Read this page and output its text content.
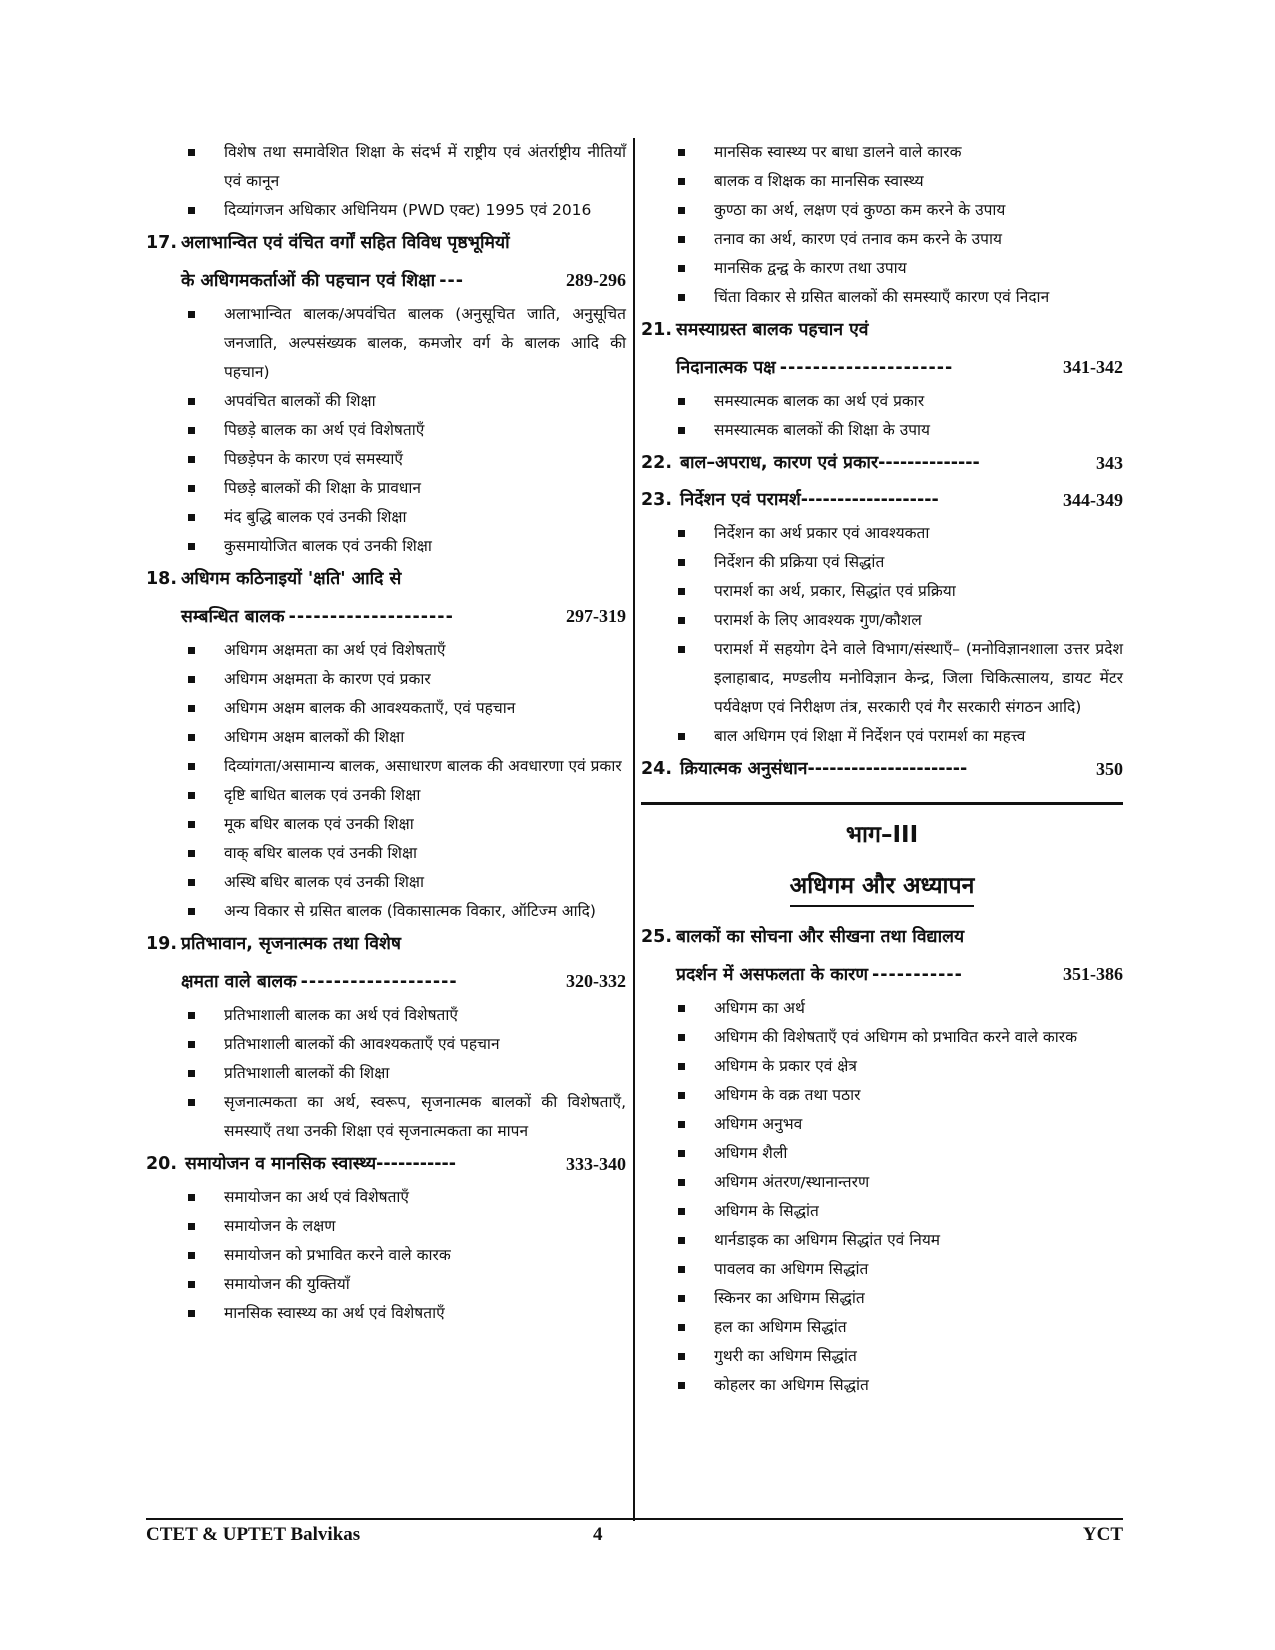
विशेष तथा समावेशित शिक्षा के संदर्भ में राष्ट्रीय एवं अंतर्राष्ट्रीय नीतियाँ एवं कानून
दिव्यांगजन अधिकार अधिनियम (PWD एक्ट) 1995 एवं 2016
17. अलाभान्वित एवं वंचित वर्गों सहित विविध पृष्ठभूमियों
के अधिगमकर्ताओं की पहचान एवं शिक्षा ---	289-296
अलाभान्वित बालक/अपवंचित बालक (अनुसूचित जाति, अनुसूचित जनजाति, अल्पसंख्यक बालक, कमजोर वर्ग के बालक आदि की पहचान)
अपवंचित बालकों की शिक्षा
पिछड़े बालक का अर्थ एवं विशेषताएँ
पिछड़ेपन के कारण एवं समस्याएँ
पिछड़े बालकों की शिक्षा के प्रावधान
मंद बुद्धि बालक एवं उनकी शिक्षा
कुसमायोजित बालक एवं उनकी शिक्षा
18. अधिगम कठिनाइयों 'क्षति' आदि से
सम्बन्धित बालक --------------------	297-319
अधिगम अक्षमता का अर्थ एवं विशेषताएँ
अधिगम अक्षमता के कारण एवं प्रकार
अधिगम अक्षम बालक की आवश्यकताएँ, एवं पहचान
अधिगम अक्षम बालकों की शिक्षा
दिव्यांगता/असामान्य बालक, असाधारण बालक की अवधारणा एवं प्रकार
दृष्टि बाधित बालक एवं उनकी शिक्षा
मूक बधिर बालक एवं उनकी शिक्षा
वाक् बधिर बालक एवं उनकी शिक्षा
अस्थि बधिर बालक एवं उनकी शिक्षा
अन्य विकार से ग्रसित बालक (विकासात्मक विकार, ऑटिज्म आदि)
19. प्रतिभावान, सृजनात्मक तथा विशेष
क्षमता वाले बालक -------------------	320-332
प्रतिभाशाली बालक का अर्थ एवं विशेषताएँ
प्रतिभाशाली बालकों की आवश्यकताएँ एवं पहचान
प्रतिभाशाली बालकों की शिक्षा
सृजनात्मकता का अर्थ, स्वरूप, सृजनात्मक बालकों की विशेषताएँ, समस्याएँ तथा उनकी शिक्षा एवं सृजनात्मकता का मापन
20. समायोजन व मानसिक स्वास्थ्य-----------	333-340
समायोजन का अर्थ एवं विशेषताएँ
समायोजन के लक्षण
समायोजन को प्रभावित करने वाले कारक
समायोजन की युक्तियाँ
मानसिक स्वास्थ्य का अर्थ एवं विशेषताएँ
मानसिक स्वास्थ्य पर बाधा डालने वाले कारक
बालक व शिक्षक का मानसिक स्वास्थ्य
कुण्ठा का अर्थ, लक्षण एवं कुण्ठा कम करने के उपाय
तनाव का अर्थ, कारण एवं तनाव कम करने के उपाय
मानसिक द्वन्द्व के कारण तथा उपाय
चिंता विकार से ग्रसित बालकों की समस्याएँ कारण एवं निदान
21. समस्याग्रस्त बालक पहचान एवं
निदानात्मक पक्ष ---------------------	341-342
समस्यात्मक बालक का अर्थ एवं प्रकार
समस्यात्मक बालकों की शिक्षा के उपाय
22. बाल–अपराध, कारण एवं प्रकार--------------	343
23. निर्देशन एवं परामर्श-------------------	344-349
निर्देशन का अर्थ प्रकार एवं आवश्यकता
निर्देशन की प्रक्रिया एवं सिद्धांत
परामर्श का अर्थ, प्रकार, सिद्धांत एवं प्रक्रिया
परामर्श के लिए आवश्यक गुण/कौशल
परामर्श में सहयोग देने वाले विभाग/संस्थाएँ– (मनोविज्ञानशाला उत्तर प्रदेश इलाहाबाद, मण्डलीय मनोविज्ञान केन्द्र, जिला चिकित्सालय, डायट मेंटर पर्यवेक्षण एवं निरीक्षण तंत्र, सरकारी एवं गैर सरकारी संगठन आदि)
बाल अधिगम एवं शिक्षा में निर्देशन एवं परामर्श का महत्त्व
24. क्रियात्मक अनुसंधान----------------------	350
भाग–III
अधिगम और अध्यापन
25. बालकों का सोचना और सीखना तथा विद्यालय
प्रदर्शन में असफलता के कारण -----------	351-386
अधिगम का अर्थ
अधिगम की विशेषताएँ एवं अधिगम को प्रभावित करने वाले कारक
अधिगम के प्रकार एवं क्षेत्र
अधिगम के वक्र तथा पठार
अधिगम अनुभव
अधिगम शैली
अधिगम अंतरण/स्थानान्तरण
अधिगम के सिद्धांत
थार्नडाइक का अधिगम सिद्धांत एवं नियम
पावलव का अधिगम सिद्धांत
स्किनर का अधिगम सिद्धांत
हल का अधिगम सिद्धांत
गुथरी का अधिगम सिद्धांत
कोहलर का अधिगम सिद्धांत
CTET & UPTET Balvikas	4	YCT
